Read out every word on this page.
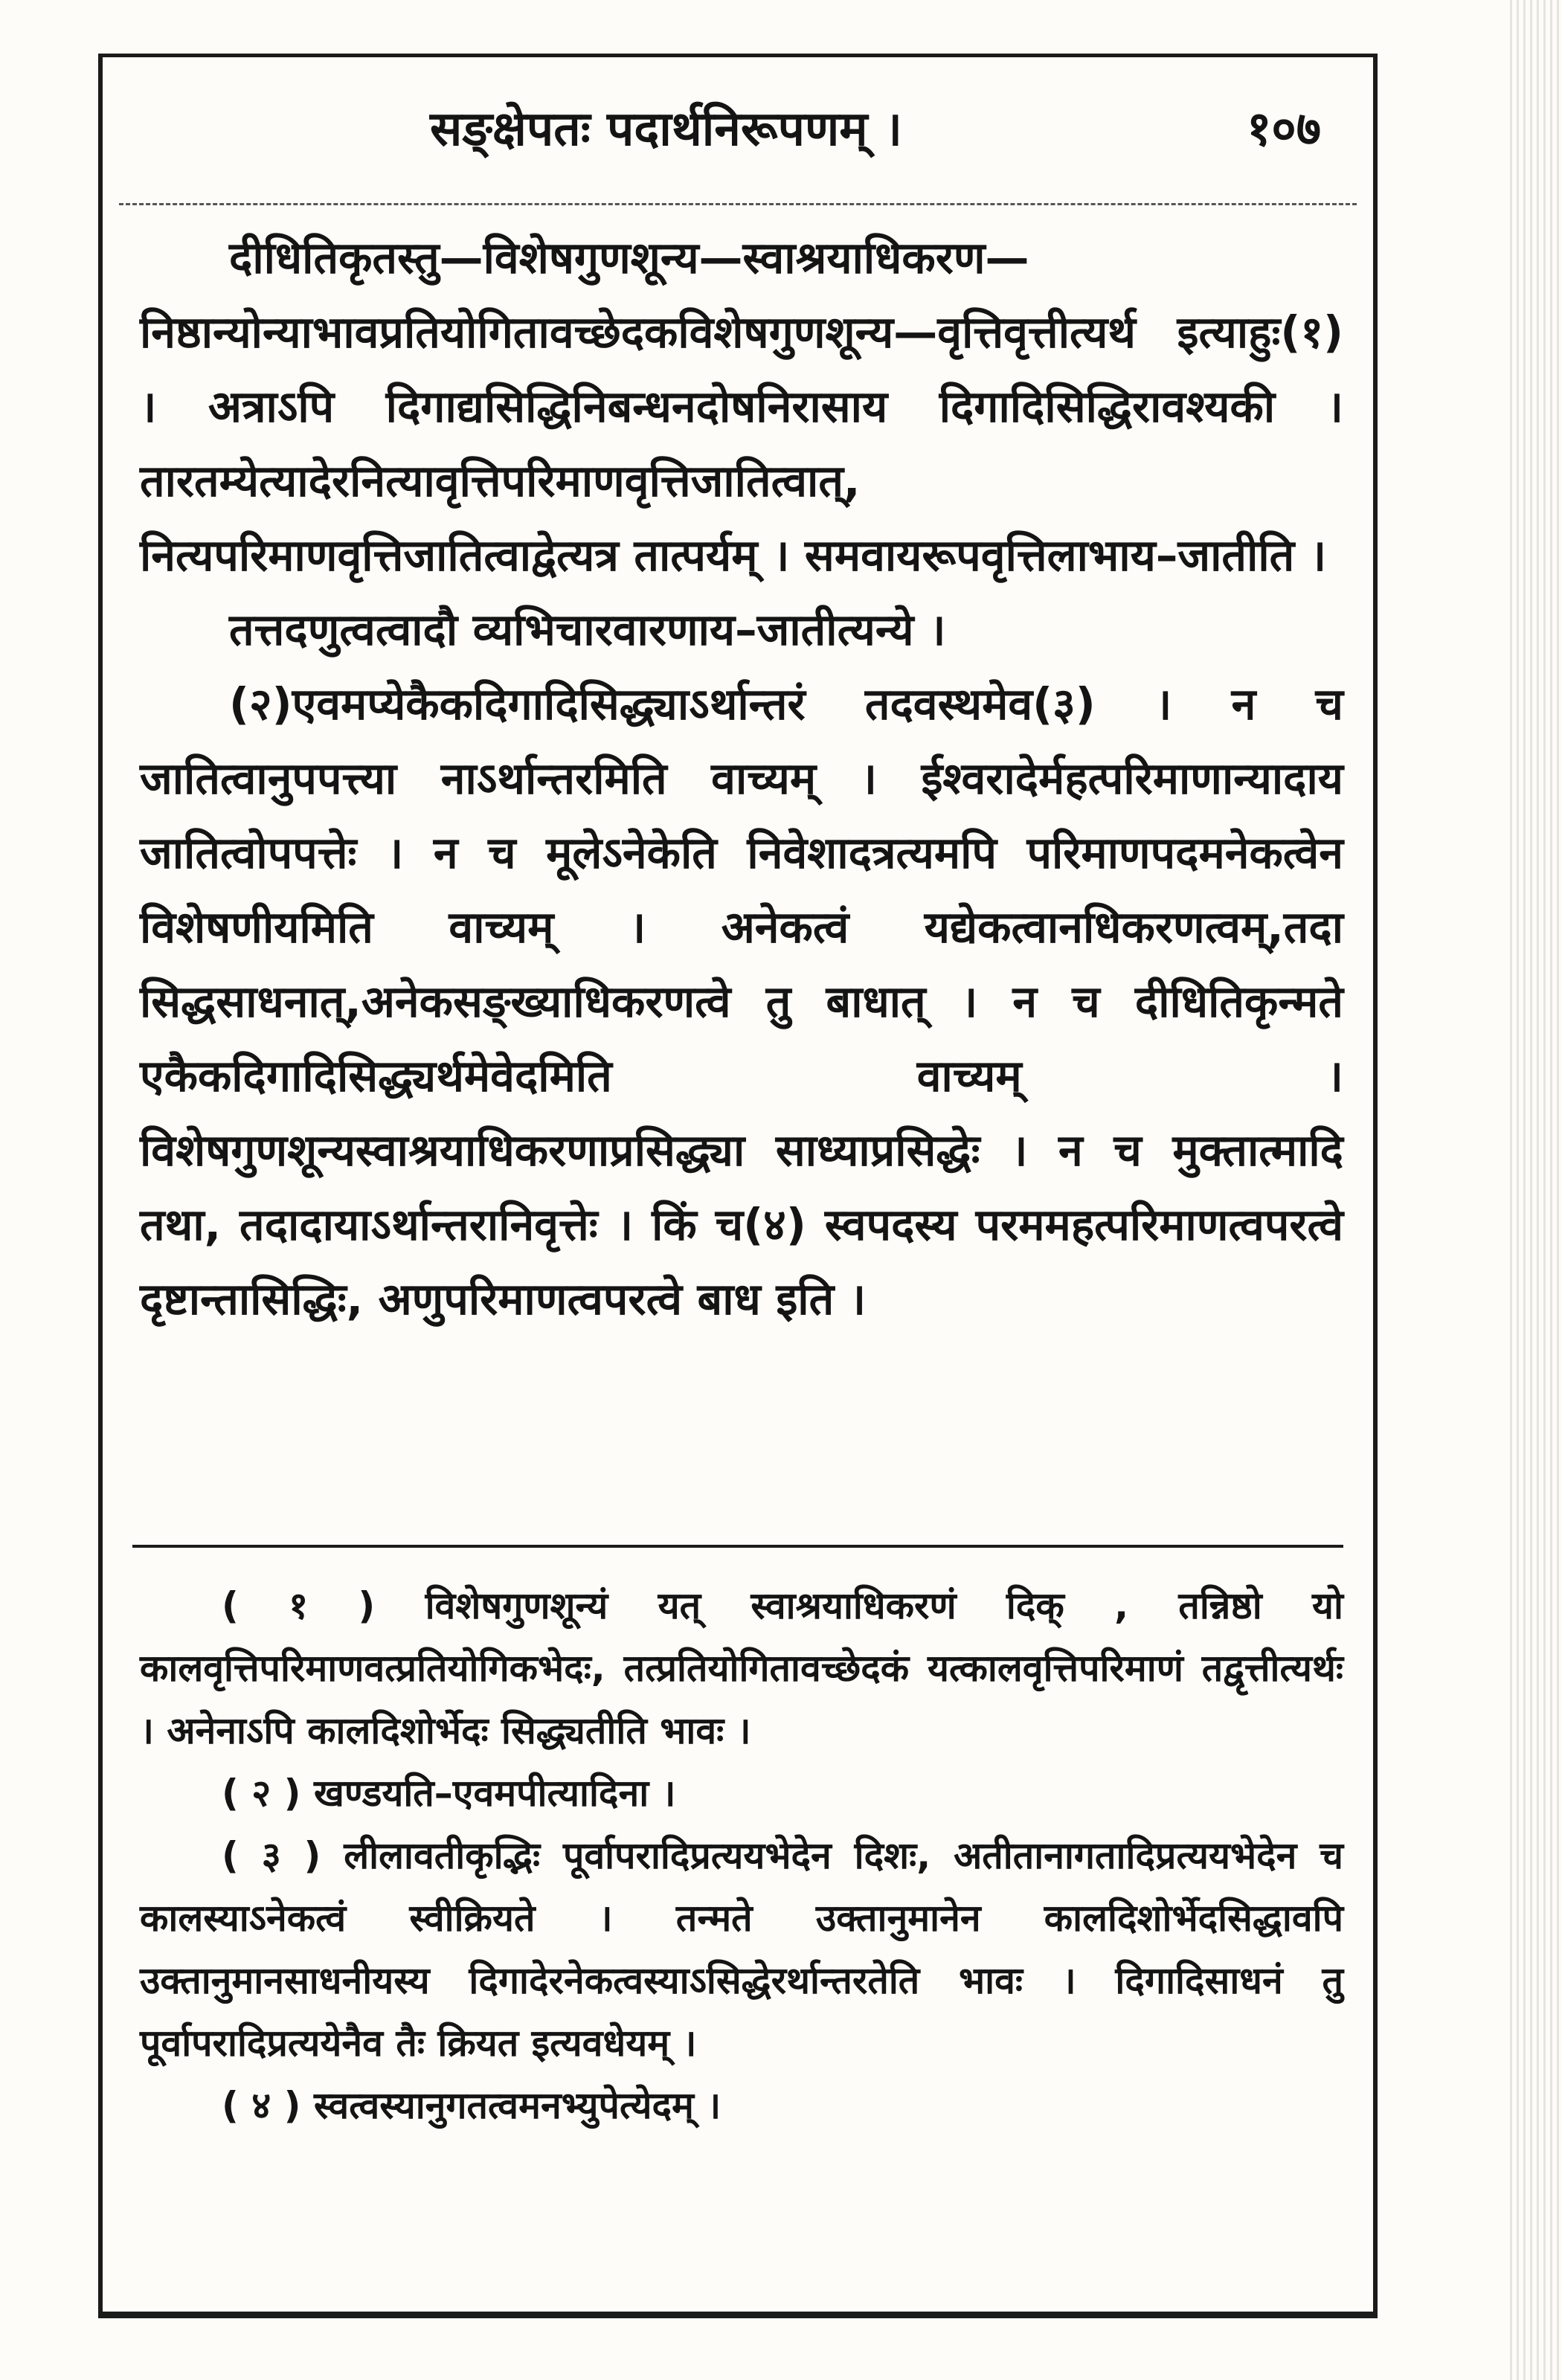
सङ्क्षेपतः पदार्थनिरूपणम् ।	१०७

दीधितिकृतस्तु—विशेषगुणशून्य—स्वाश्रयाधिकरण—निष्ठान्योन्याभावप्रतियोगितावच्छेदकविशेषगुणशून्य—वृत्तिवृत्तीत्यर्थ इत्याहुः(१) । अत्राऽपि दिगाद्यसिद्धिनिबन्धनदोषनिरासाय दिगादिसिद्धिरावश्यकी । तारतम्येत्यादेरनित्यावृत्तिपरिमाणवृत्तिजातित्वात्, नित्यपरिमाणवृत्तिजातित्वाद्वेत्यत्र तात्पर्यम् । समवायरूपवृत्तिलाभाय–जातीति ।

तत्तदणुत्वत्वादौ व्यभिचारवारणाय–जातीत्यन्ये ।

(२)एवमप्येकैकदिगादिसिद्ध्याऽर्थान्तरं तदवस्थमेव(३) । न च जातित्वानुपपत्त्या नाऽर्थान्तरमिति वाच्यम् । ईश्वरादेर्महत्परिमाणान्यादाय जातित्वोपपत्तेः । न च मूलेऽनेकेति निवेशादत्रत्यमपि परिमाणपदमनेकत्वेन विशेषणीयमिति वाच्यम् । अनेकत्वं यद्येकत्वानधिकरणत्वम्,तदा सिद्धसाधनात्,अनेकसङ्ख्याधिकरणत्वे तु बाधात् । न च दीधितिकृन्मते एकैकदिगादिसिद्ध्यर्थमेवेदमिति वाच्यम् । विशेषगुणशून्यस्वाश्रयाधिकरणाप्रसिद्ध्या साध्याप्रसिद्धेः । न च मुक्तात्मादि तथा, तदादायाऽर्थान्तरानिवृत्तेः । किं च(४) स्वपदस्य परममहत्परिमाणत्वपरत्वे दृष्टान्तासिद्धिः, अणुपरिमाणत्वपरत्वे बाध इति ।

( १ ) विशेषगुणशून्यं यत् स्वाश्रयाधिकरणं दिक् , तन्निष्ठो यो कालवृत्तिपरिमाणवत्प्रतियोगिकभेदः, तत्प्रतियोगितावच्छेदकं यत्कालवृत्तिपरिमाणं तद्वृत्तीत्यर्थः । अनेनाऽपि कालदिशोर्भेदः सिद्ध्यतीति भावः ।

( २ ) खण्डयति–एवमपीत्यादिना ।

( ३ ) लीलावतीकृद्भिः पूर्वापरादिप्रत्ययभेदेन दिशः, अतीतानागतादिप्रत्ययभेदेन च कालस्याऽनेकत्वं स्वीक्रियते । तन्मते उक्तानुमानेन कालदिशोर्भेदसिद्धावपि उक्तानुमानसाधनीयस्य दिगादेरनेकत्वस्याऽसिद्धेरर्थान्तरतेति भावः । दिगादिसाधनं तु पूर्वापरादिप्रत्ययेनैव तैः क्रियत इत्यवधेयम् ।

( ४ ) स्वत्वस्यानुगतत्वमनभ्युपेत्येदम् ।
